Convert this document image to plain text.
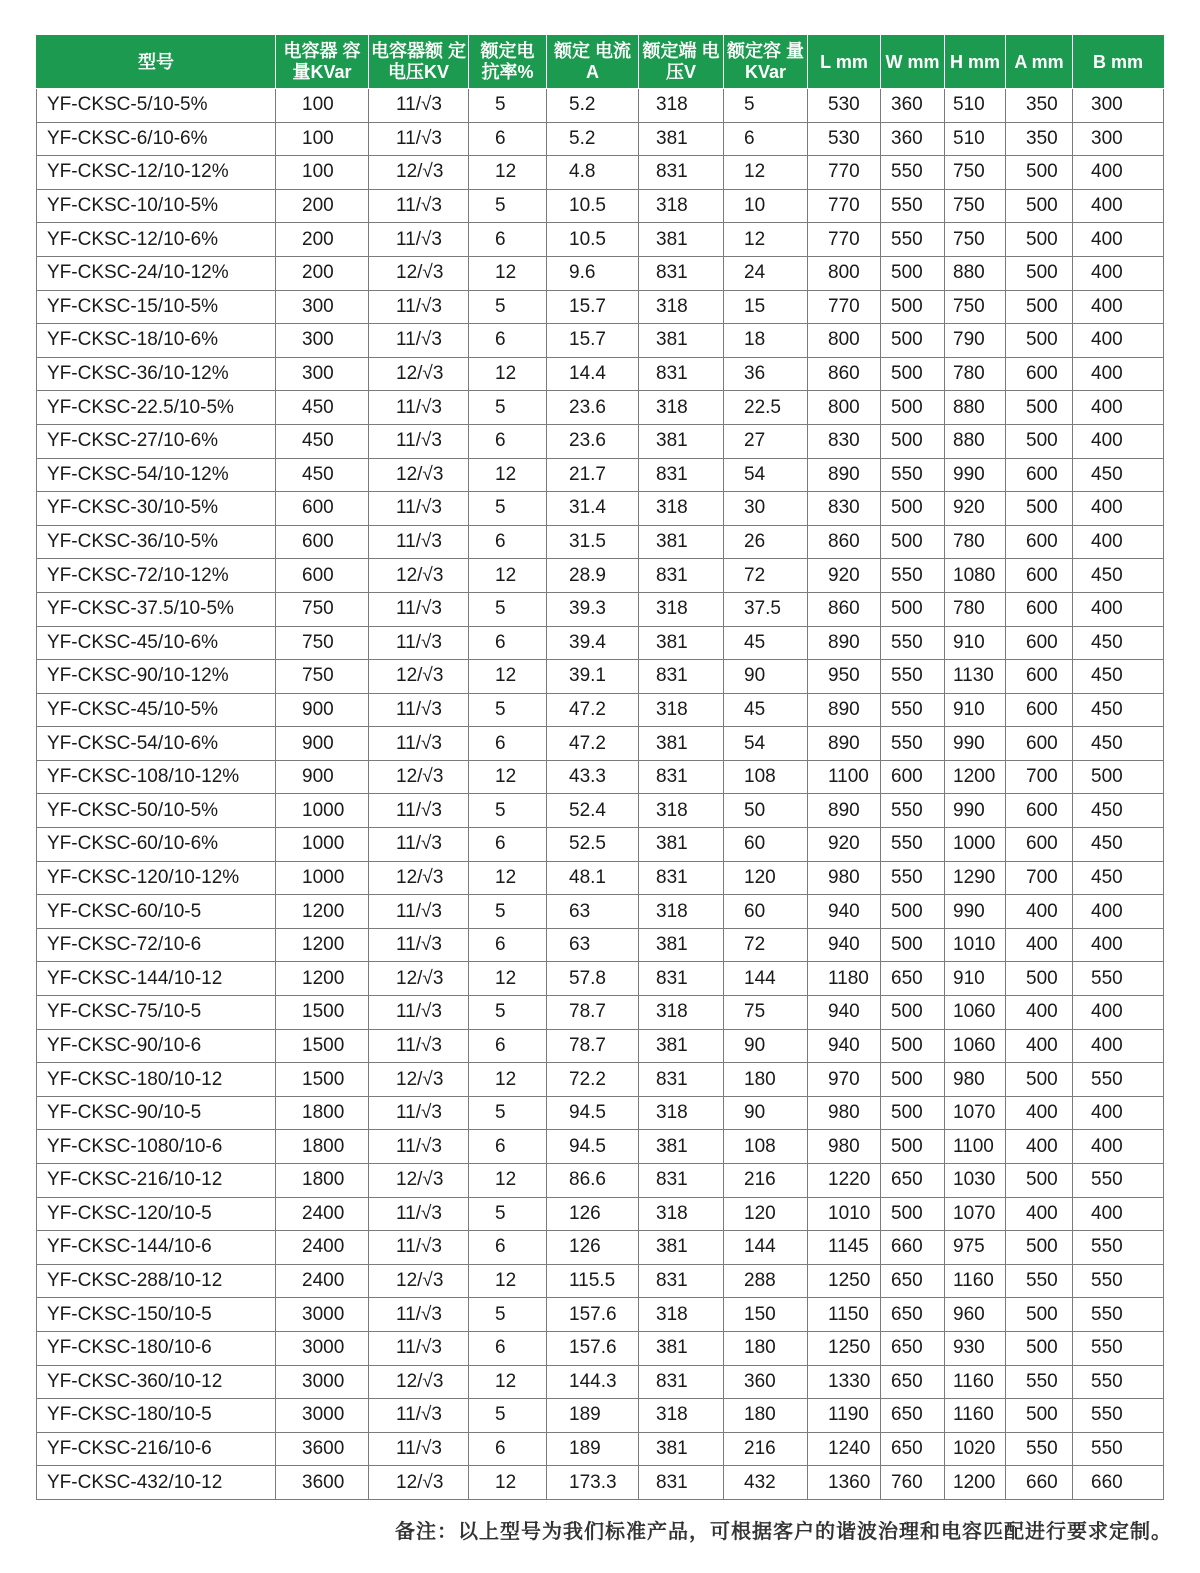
型号	电容器 容量KVar	电容器额 定电压KV	额定电 抗率%	额定 电流A	额定端 电压V	额定容 量KVar	L mm	W mm	H mm	A mm	B mm
YF-CKSC-5/10-5%	100	11/√3	5	5.2	318	5	530	360	510	350	300
YF-CKSC-6/10-6%	100	11/√3	6	5.2	381	6	530	360	510	350	300
YF-CKSC-12/10-12%	100	12/√3	12	4.8	831	12	770	550	750	500	400
YF-CKSC-10/10-5%	200	11/√3	5	10.5	318	10	770	550	750	500	400
YF-CKSC-12/10-6%	200	11/√3	6	10.5	381	12	770	550	750	500	400
YF-CKSC-24/10-12%	200	12/√3	12	9.6	831	24	800	500	880	500	400
YF-CKSC-15/10-5%	300	11/√3	5	15.7	318	15	770	500	750	500	400
YF-CKSC-18/10-6%	300	11/√3	6	15.7	381	18	800	500	790	500	400
YF-CKSC-36/10-12%	300	12/√3	12	14.4	831	36	860	500	780	600	400
YF-CKSC-22.5/10-5%	450	11/√3	5	23.6	318	22.5	800	500	880	500	400
YF-CKSC-27/10-6%	450	11/√3	6	23.6	381	27	830	500	880	500	400
YF-CKSC-54/10-12%	450	12/√3	12	21.7	831	54	890	550	990	600	450
YF-CKSC-30/10-5%	600	11/√3	5	31.4	318	30	830	500	920	500	400
YF-CKSC-36/10-5%	600	11/√3	6	31.5	381	26	860	500	780	600	400
YF-CKSC-72/10-12%	600	12/√3	12	28.9	831	72	920	550	1080	600	450
YF-CKSC-37.5/10-5%	750	11/√3	5	39.3	318	37.5	860	500	780	600	400
YF-CKSC-45/10-6%	750	11/√3	6	39.4	381	45	890	550	910	600	450
YF-CKSC-90/10-12%	750	12/√3	12	39.1	831	90	950	550	1130	600	450
YF-CKSC-45/10-5%	900	11/√3	5	47.2	318	45	890	550	910	600	450
YF-CKSC-54/10-6%	900	11/√3	6	47.2	381	54	890	550	990	600	450
YF-CKSC-108/10-12%	900	12/√3	12	43.3	831	108	1100	600	1200	700	500
YF-CKSC-50/10-5%	1000	11/√3	5	52.4	318	50	890	550	990	600	450
YF-CKSC-60/10-6%	1000	11/√3	6	52.5	381	60	920	550	1000	600	450
YF-CKSC-120/10-12%	1000	12/√3	12	48.1	831	120	980	550	1290	700	450
YF-CKSC-60/10-5	1200	11/√3	5	63	318	60	940	500	990	400	400
YF-CKSC-72/10-6	1200	11/√3	6	63	381	72	940	500	1010	400	400
YF-CKSC-144/10-12	1200	12/√3	12	57.8	831	144	1180	650	910	500	550
YF-CKSC-75/10-5	1500	11/√3	5	78.7	318	75	940	500	1060	400	400
YF-CKSC-90/10-6	1500	11/√3	6	78.7	381	90	940	500	1060	400	400
YF-CKSC-180/10-12	1500	12/√3	12	72.2	831	180	970	500	980	500	550
YF-CKSC-90/10-5	1800	11/√3	5	94.5	318	90	980	500	1070	400	400
YF-CKSC-1080/10-6	1800	11/√3	6	94.5	381	108	980	500	1100	400	400
YF-CKSC-216/10-12	1800	12/√3	12	86.6	831	216	1220	650	1030	500	550
YF-CKSC-120/10-5	2400	11/√3	5	126	318	120	1010	500	1070	400	400
YF-CKSC-144/10-6	2400	11/√3	6	126	381	144	1145	660	975	500	550
YF-CKSC-288/10-12	2400	12/√3	12	115.5	831	288	1250	650	1160	550	550
YF-CKSC-150/10-5	3000	11/√3	5	157.6	318	150	1150	650	960	500	550
YF-CKSC-180/10-6	3000	11/√3	6	157.6	381	180	1250	650	930	500	550
YF-CKSC-360/10-12	3000	12/√3	12	144.3	831	360	1330	650	1160	550	550
YF-CKSC-180/10-5	3000	11/√3	5	189	318	180	1190	650	1160	500	550
YF-CKSC-216/10-6	3600	11/√3	6	189	381	216	1240	650	1020	550	550
YF-CKSC-432/10-12	3600	12/√3	12	173.3	831	432	1360	760	1200	660	660
备注：以上型号为我们标准产品，可根据客户的谐波治理和电容匹配进行要求定制。
